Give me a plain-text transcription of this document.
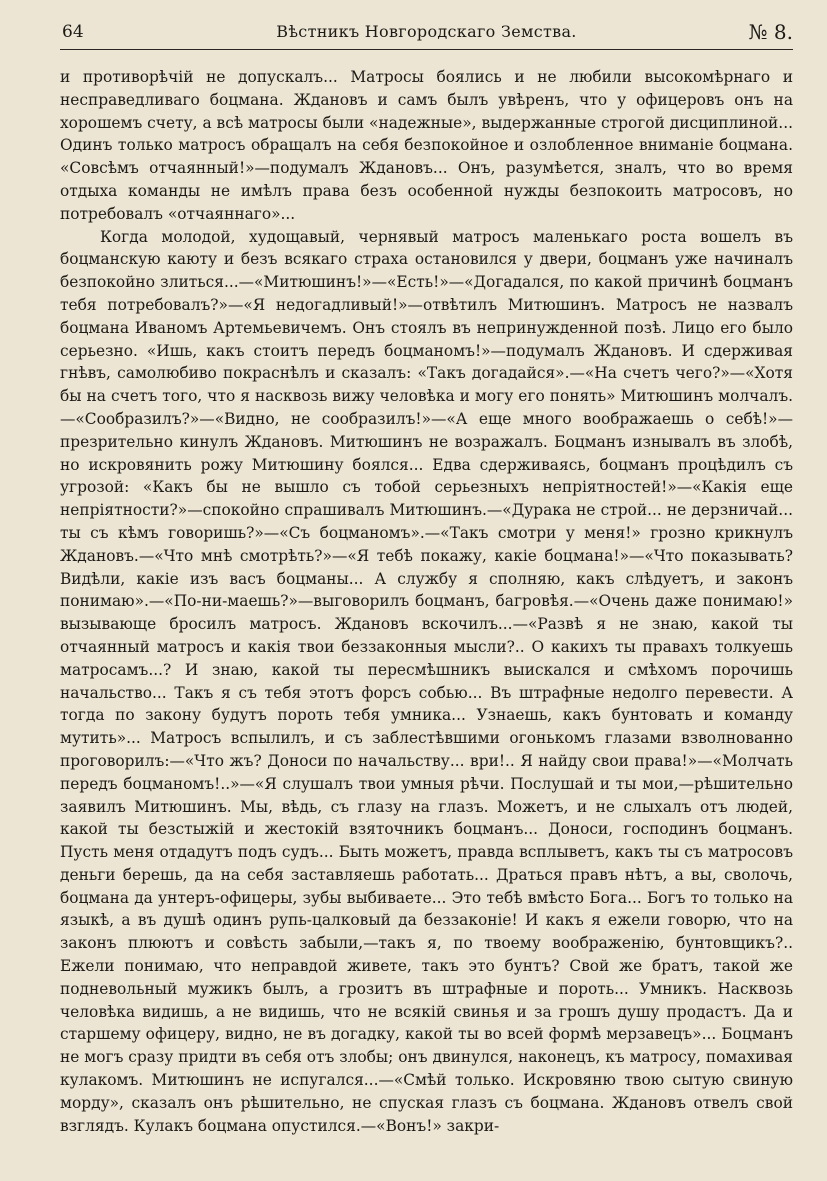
64	Вѣстникъ Новгородскаго Земства.	№ 8.

и противорѣчій не допускалъ... Матросы боялись и не любили высокомѣрнаго и несправедливаго боцмана. Ждановъ и самъ былъ увѣренъ, что у офицеровъ онъ на хорошемъ счету, а всѣ матросы были «надежные», выдержанные строгой дисциплиной... Одинъ только матросъ обращалъ на себя безпокойное и озлобленное вниманіе боцмана. «Совсѣмъ отчаянный!»—подумалъ Ждановъ... Онъ, разумѣется, зналъ, что во время отдыха команды не имѣлъ права безъ особенной нужды безпокоить матросовъ, но потребовалъ «отчаяннаго»...

Когда молодой, худощавый, чернявый матросъ маленькаго роста вошелъ въ боцманскую каюту и безъ всякаго страха остановился у двери, боцманъ уже начиналъ безпокойно злиться...—«Митюшинъ!»—«Есть!»—«Догадался, по какой причинѣ боцманъ тебя потребовалъ?»—«Я недогадливый!»—отвѣтилъ Митюшинъ. Матросъ не назвалъ боцмана Иваномъ Артемьевичемъ. Онъ стоялъ въ непринужденной позѣ. Лицо его было серьезно. «Ишь, какъ стоитъ передъ боцманомъ!»—подумалъ Ждановъ. И сдерживая гнѣвъ, самолюбиво покраснѣлъ и сказалъ: «Такъ догадайся».—«На счетъ чего?»—«Хотя бы на счетъ того, что я насквозь вижу человѣка и могу его понять» Митюшинъ молчалъ.—«Сообразилъ?»—«Видно, не сообразилъ!»—«А еще много воображаешь о себѣ!»—презрительно кинулъ Ждановъ. Митюшинъ не возражалъ. Боцманъ изнывалъ въ злобѣ, но искровянить рожу Митюшину боялся... Едва сдерживаясь, боцманъ процѣдилъ съ угрозой: «Какъ бы не вышло съ тобой серьезныхъ непріятностей!»—«Какія еще непріятности?»—спокойно спрашивалъ Митюшинъ.—«Дурака не строй... не дерзничай... ты съ кѣмъ говоришь?»—«Съ боцманомъ».—«Такъ смотри у меня!» грозно крикнулъ Ждановъ.—«Что мнѣ смотрѣть?»—«Я тебѣ покажу, какіе боцмана!»—«Что показывать? Видѣли, какіе изъ васъ боцманы... А службу я сполняю, какъ слѣдуетъ, и законъ понимаю».—«По-ни-маешь?»—выговорилъ боцманъ, багровѣя.—«Очень даже понимаю!» вызывающе бросилъ матросъ. Ждановъ вскочилъ...—«Развѣ я не знаю, какой ты отчаянный матросъ и какія твои беззаконныя мысли?.. О какихъ ты правахъ толкуешь матросамъ...? И знаю, какой ты пересмѣшникъ выискался и смѣхомъ порочишь начальство... Такъ я съ тебя этотъ форсъ собью... Въ штрафные недолго перевести. А тогда по закону будутъ пороть тебя умника... Узнаешь, какъ бунтовать и команду мутить»... Матросъ вспылилъ, и съ заблестѣвшими огонькомъ глазами взволнованно проговорилъ:—«Что жъ? Доноси по начальству... ври!.. Я найду свои права!»—«Молчать передъ боцманомъ!..»—«Я слушалъ твои умныя рѣчи. Послушай и ты мои,—рѣшительно заявилъ Митюшинъ. Мы, вѣдь, съ глазу на глазъ. Можетъ, и не слыхалъ отъ людей, какой ты безстыжій и жестокій взяточникъ боцманъ... Доноси, господинъ боцманъ. Пусть меня отдадутъ подъ судъ... Быть можетъ, правда всплыветъ, какъ ты съ матросовъ деньги берешь, да на себя заставляешь работать... Драться правъ нѣтъ, а вы, сволочь, боцмана да унтеръ-офицеры, зубы выбиваете... Это тебѣ вмѣсто Бога... Богъ то только на языкѣ, а въ душѣ одинъ рупь-цалковый да беззаконіе! И какъ я ежели говорю, что на законъ плюютъ и совѣсть забыли,—такъ я, по твоему воображенію, бунтовщикъ?.. Ежели понимаю, что неправдой живете, такъ это бунтъ? Свой же братъ, такой же подневольный мужикъ былъ, а грозитъ въ штрафные и пороть... Умникъ. Насквозь человѣка видишь, а не видишь, что не всякій свинья и за грошъ душу продастъ. Да и старшему офицеру, видно, не въ догадку, какой ты во всей формѣ мерзавецъ»... Боцманъ не могъ сразу придти въ себя отъ злобы; онъ двинулся, наконецъ, къ матросу, помахивая кулакомъ. Митюшинъ не испугался...—«Смѣй только. Искровяню твою сытую свиную морду», сказалъ онъ рѣшительно, не спуская глазъ съ боцмана. Ждановъ отвелъ свой взглядъ. Кулакъ боцмана опустился.—«Вонъ!» закри-
